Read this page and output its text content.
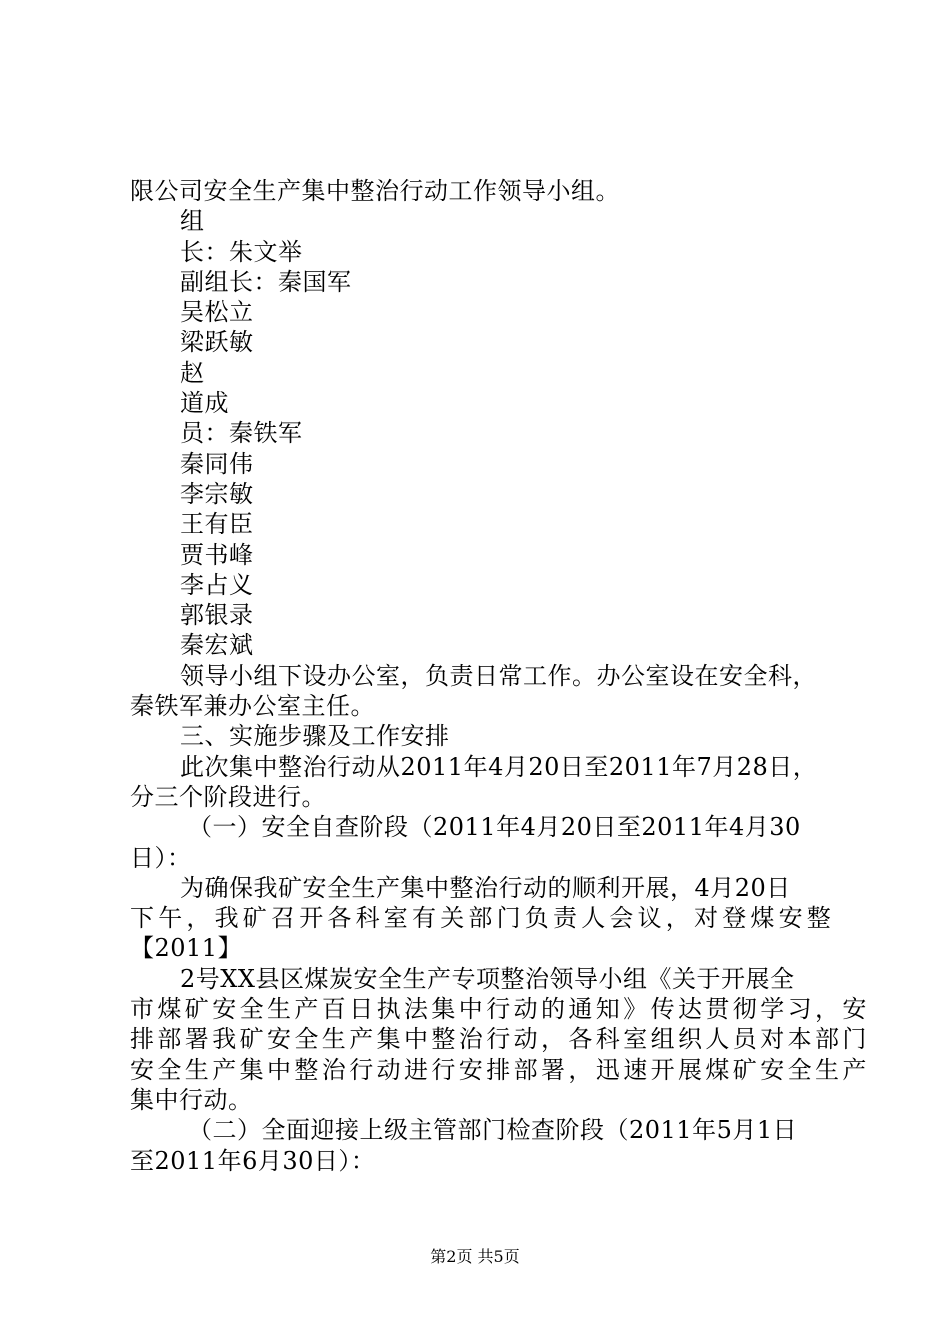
限公司安全生产集中整治行动工作领导小组。
组
长：朱文举
副组长：秦国军
吴松立
梁跃敏
赵
道成
员：秦铁军
秦同伟
李宗敏
王有臣
贾书峰
李占义
郭银录
秦宏斌
领导小组下设办公室，负责日常工作。办公室设在安全科，
秦铁军兼办公室主任。
三、实施步骤及工作安排
此次集中整治行动从2011年4月20日至2011年7月28日，
分三个阶段进行。
（一）安全自查阶段（2011年4月20日至2011年4月30
日）：
为确保我矿安全生产集中整治行动的顺利开展，4月20日
下午，我矿召开各科室有关部门负责人会议，对登煤安整
【2011】
2号XX县区煤炭安全生产专项整治领导小组《关于开展全
市煤矿安全生产百日执法集中行动的通知》传达贯彻学习，安
排部署我矿安全生产集中整治行动，各科室组织人员对本部门
安全生产集中整治行动进行安排部署，迅速开展煤矿安全生产
集中行动。
（二）全面迎接上级主管部门检查阶段（2011年5月1日
至2011年6月30日）：
第2页 共5页
